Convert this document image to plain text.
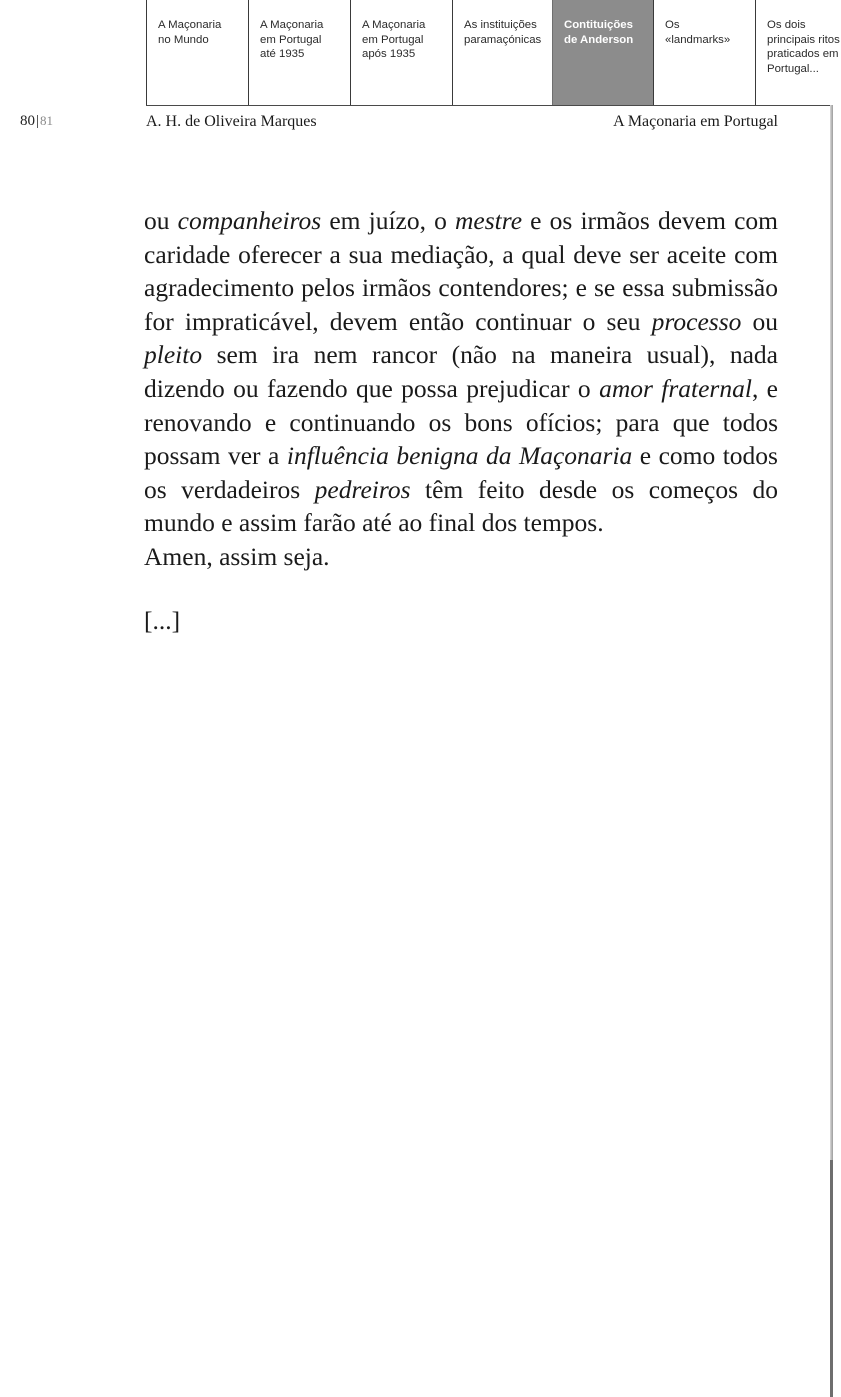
A Maçonaria
no Mundo
A Maçonaria
em Portugal
até 1935
A Maçonaria
em Portugal
após 1935
As instituições
paramaçónicas
Contituições
de Anderson
Os
«landmarks»
Os dois
principais ritos
praticados em
Portugal...
80|81	A. H. de Oliveira Marques	A Maçonaria em Portugal

ou companheiros em juízo, o mestre e os irmãos devem com caridade oferecer a sua mediação, a qual deve ser aceite com agradecimento pelos irmãos contendores; e se essa submissão for impraticável, devem então continuar o seu processo ou pleito sem ira nem rancor (não na maneira usual), nada dizendo ou fazendo que possa prejudicar o amor fraternal, e renovando e continuando os bons ofícios; para que todos possam ver a influência benigna da Maçonaria e como todos os verdadeiros pedreiros têm feito desde os começos do mundo e assim farão até ao final dos tempos.

Amen, assim seja.

[...]
